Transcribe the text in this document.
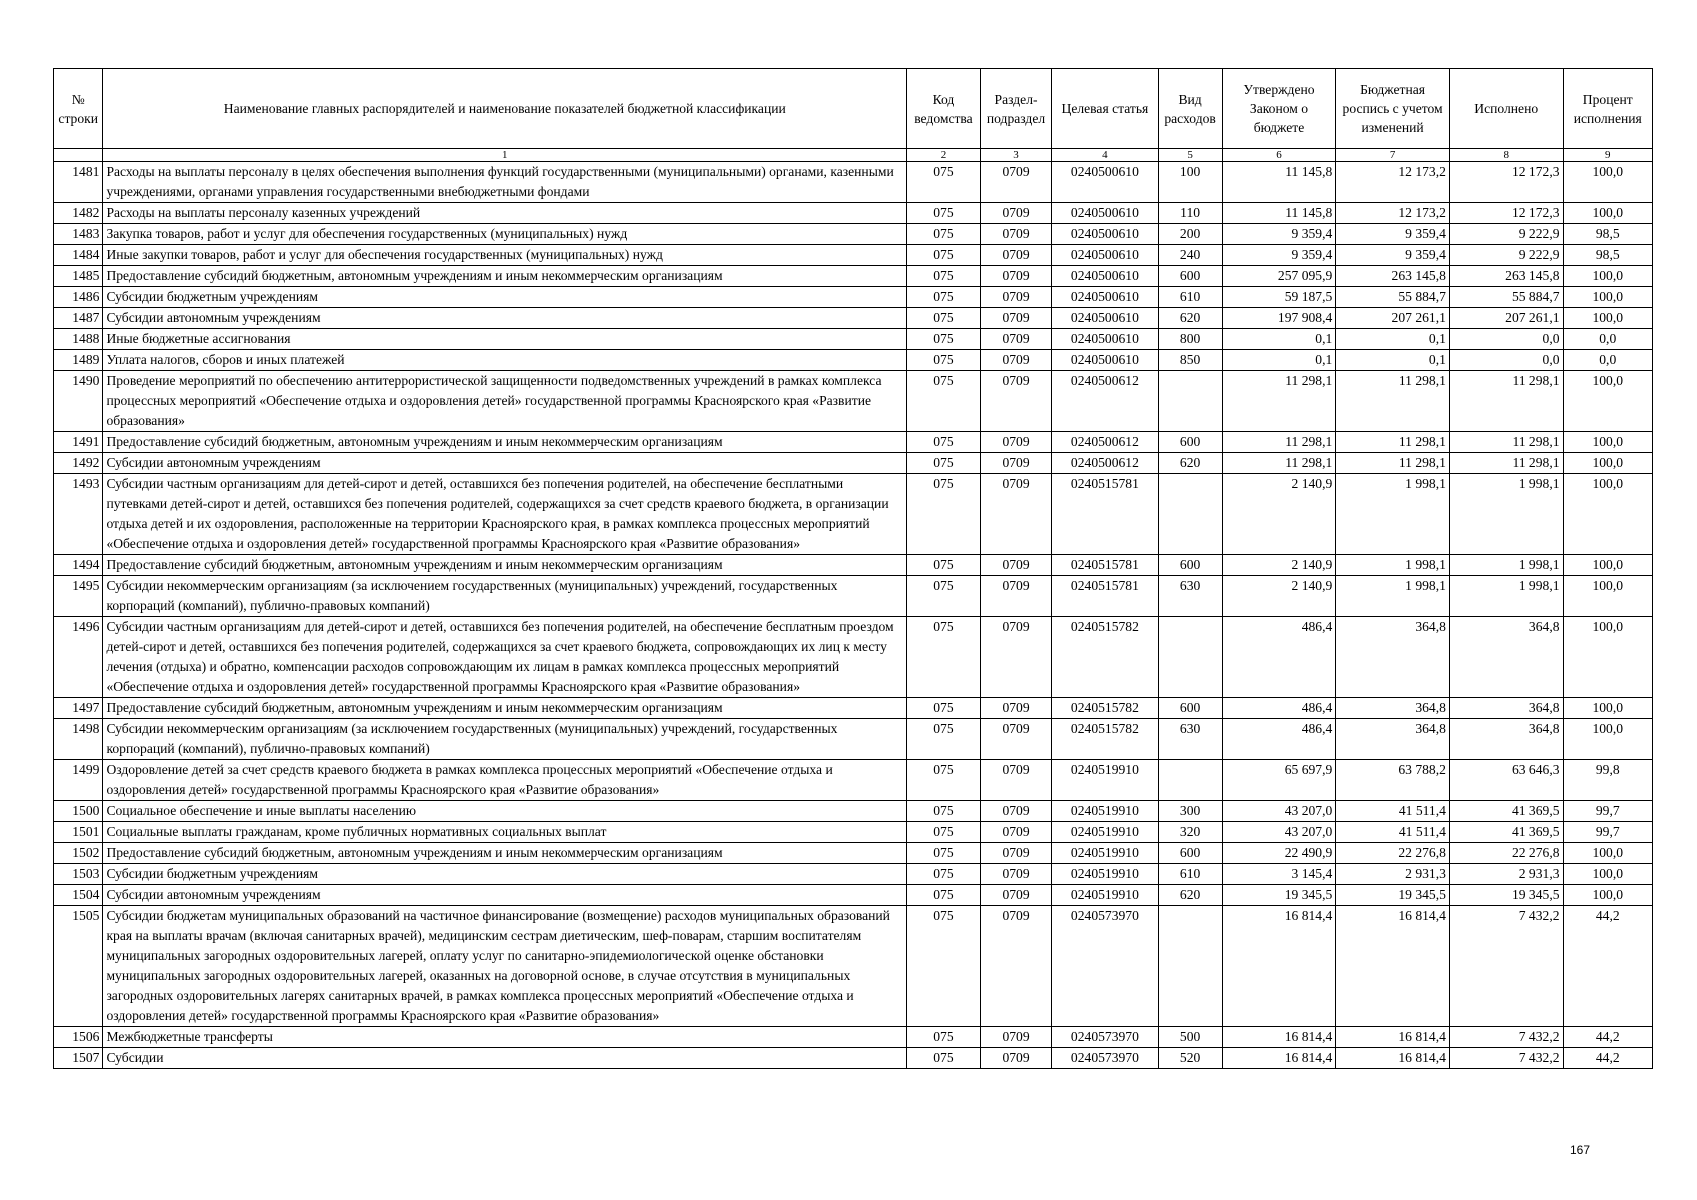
№ строки	Наименование главных распорядителей и наименование показателей бюджетной классификации	Код ведомства	Раздел-подраздел	Целевая статья	Вид расходов	Утверждено Законом о бюджете	Бюджетная роспись с учетом изменений	Исполнено	Процент исполнения
	1	2	3	4	5	6	7	8	9
1481	Расходы на выплаты персоналу в целях обеспечения выполнения функций государственными (муниципальными) органами, казенными учреждениями, органами управления государственными внебюджетными фондами	075	0709	0240500610	100	11 145,8	12 173,2	12 172,3	100,0
1482	Расходы на выплаты персоналу казенных учреждений	075	0709	0240500610	110	11 145,8	12 173,2	12 172,3	100,0
1483	Закупка товаров, работ и услуг для обеспечения государственных (муниципальных) нужд	075	0709	0240500610	200	9 359,4	9 359,4	9 222,9	98,5
1484	Иные закупки товаров, работ и услуг для обеспечения государственных (муниципальных) нужд	075	0709	0240500610	240	9 359,4	9 359,4	9 222,9	98,5
1485	Предоставление субсидий бюджетным, автономным учреждениям и иным некоммерческим организациям	075	0709	0240500610	600	257 095,9	263 145,8	263 145,8	100,0
1486	Субсидии бюджетным учреждениям	075	0709	0240500610	610	59 187,5	55 884,7	55 884,7	100,0
1487	Субсидии автономным учреждениям	075	0709	0240500610	620	197 908,4	207 261,1	207 261,1	100,0
1488	Иные бюджетные ассигнования	075	0709	0240500610	800	0,1	0,1	0,0	0,0
1489	Уплата налогов, сборов и иных платежей	075	0709	0240500610	850	0,1	0,1	0,0	0,0
1490	Проведение мероприятий по обеспечению антитеррористической защищенности подведомственных учреждений в рамках комплекса процессных мероприятий «Обеспечение отдыха и оздоровления детей» государственной программы Красноярского края «Развитие образования»	075	0709	0240500612		11 298,1	11 298,1	11 298,1	100,0
1491	Предоставление субсидий бюджетным, автономным учреждениям и иным некоммерческим организациям	075	0709	0240500612	600	11 298,1	11 298,1	11 298,1	100,0
1492	Субсидии автономным учреждениям	075	0709	0240500612	620	11 298,1	11 298,1	11 298,1	100,0
1493	Субсидии частным организациям для детей-сирот и детей, оставшихся без попечения родителей, на обеспечение бесплатными путевками детей-сирот и детей, оставшихся без попечения родителей, содержащихся за счет средств краевого бюджета, в организации отдыха детей и их оздоровления, расположенные на территории Красноярского края, в рамках комплекса процессных мероприятий «Обеспечение отдыха и оздоровления детей» государственной программы Красноярского края «Развитие образования»	075	0709	0240515781		2 140,9	1 998,1	1 998,1	100,0
1494	Предоставление субсидий бюджетным, автономным учреждениям и иным некоммерческим организациям	075	0709	0240515781	600	2 140,9	1 998,1	1 998,1	100,0
1495	Субсидии некоммерческим организациям (за исключением государственных (муниципальных) учреждений, государственных корпораций (компаний), публично-правовых компаний)	075	0709	0240515781	630	2 140,9	1 998,1	1 998,1	100,0
1496	Субсидии частным организациям для детей-сирот и детей, оставшихся без попечения родителей, на обеспечение бесплатным проездом детей-сирот и детей, оставшихся без попечения родителей, содержащихся за счет краевого бюджета, сопровождающих их лиц к месту лечения (отдыха) и обратно, компенсации расходов сопровождающим их лицам в рамках комплекса процессных мероприятий «Обеспечение отдыха и оздоровления детей» государственной программы Красноярского края «Развитие образования»	075	0709	0240515782		486,4	364,8	364,8	100,0
1497	Предоставление субсидий бюджетным, автономным учреждениям и иным некоммерческим организациям	075	0709	0240515782	600	486,4	364,8	364,8	100,0
1498	Субсидии некоммерческим организациям (за исключением государственных (муниципальных) учреждений, государственных корпораций (компаний), публично-правовых компаний)	075	0709	0240515782	630	486,4	364,8	364,8	100,0
1499	Оздоровление детей за счет средств краевого бюджета в рамках комплекса процессных мероприятий «Обеспечение отдыха и оздоровления детей» государственной программы Красноярского края «Развитие образования»	075	0709	0240519910		65 697,9	63 788,2	63 646,3	99,8
1500	Социальное обеспечение и иные выплаты населению	075	0709	0240519910	300	43 207,0	41 511,4	41 369,5	99,7
1501	Социальные выплаты гражданам, кроме публичных нормативных социальных выплат	075	0709	0240519910	320	43 207,0	41 511,4	41 369,5	99,7
1502	Предоставление субсидий бюджетным, автономным учреждениям и иным некоммерческим организациям	075	0709	0240519910	600	22 490,9	22 276,8	22 276,8	100,0
1503	Субсидии бюджетным учреждениям	075	0709	0240519910	610	3 145,4	2 931,3	2 931,3	100,0
1504	Субсидии автономным учреждениям	075	0709	0240519910	620	19 345,5	19 345,5	19 345,5	100,0
1505	Субсидии бюджетам муниципальных образований на частичное финансирование (возмещение) расходов муниципальных образований края на выплаты врачам (включая санитарных врачей), медицинским сестрам диетическим, шеф-поварам, старшим воспитателям муниципальных загородных оздоровительных лагерей, оплату услуг по санитарно-эпидемиологической оценке обстановки муниципальных загородных оздоровительных лагерей, оказанных на договорной основе, в случае отсутствия в муниципальных загородных оздоровительных лагерях санитарных врачей, в рамках комплекса процессных мероприятий «Обеспечение отдыха и оздоровления детей» государственной программы Красноярского края «Развитие образования»	075	0709	0240573970		16 814,4	16 814,4	7 432,2	44,2
1506	Межбюджетные трансферты	075	0709	0240573970	500	16 814,4	16 814,4	7 432,2	44,2
1507	Субсидии	075	0709	0240573970	520	16 814,4	16 814,4	7 432,2	44,2
167
